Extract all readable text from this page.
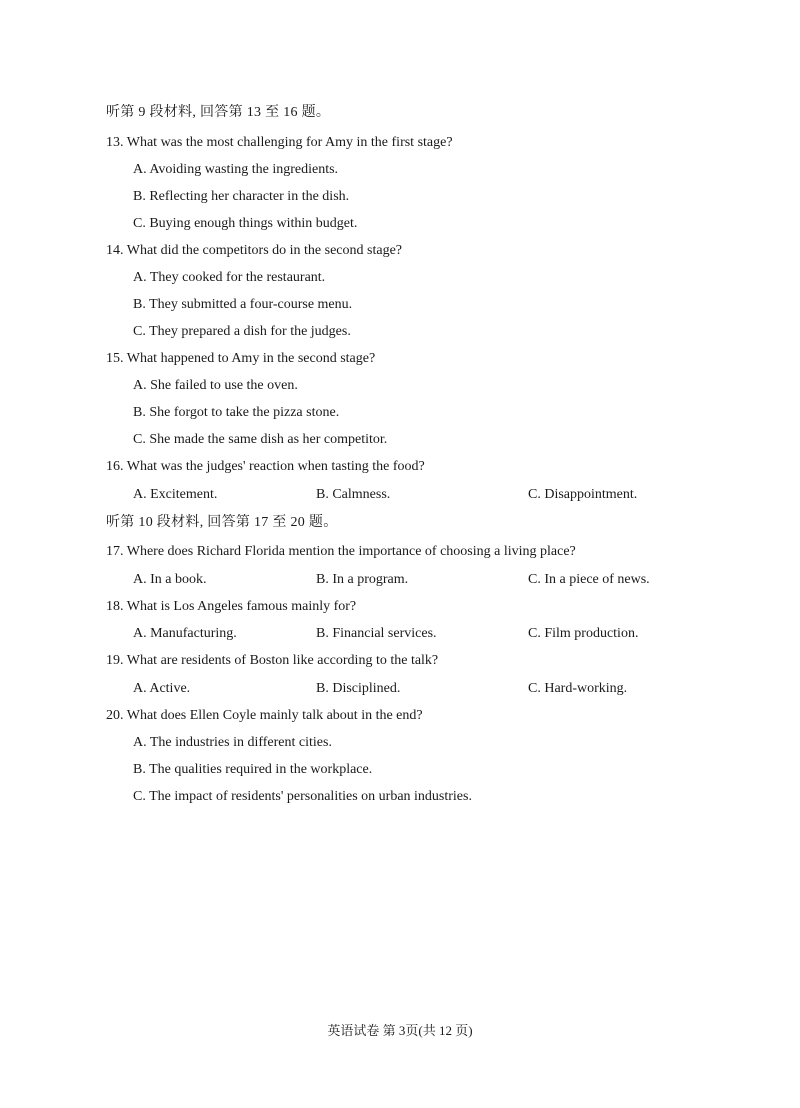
听第 9 段材料, 回答第 13 至 16 题。
13. What was the most challenging for Amy in the first stage?
A. Avoiding wasting the ingredients.
B. Reflecting her character in the dish.
C. Buying enough things within budget.
14. What did the competitors do in the second stage?
A. They cooked for the restaurant.
B. They submitted a four-course menu.
C. They prepared a dish for the judges.
15. What happened to Amy in the second stage?
A. She failed to use the oven.
B. She forgot to take the pizza stone.
C. She made the same dish as her competitor.
16. What was the judges' reaction when tasting the food?
A. Excitement.	B. Calmness.	C. Disappointment.
听第 10 段材料, 回答第 17 至 20 题。
17. Where does Richard Florida mention the importance of choosing a living place?
A. In a book.	B. In a program.	C. In a piece of news.
18. What is Los Angeles famous mainly for?
A. Manufacturing.	B. Financial services.	C. Film production.
19. What are residents of Boston like according to the talk?
A. Active.	B. Disciplined.	C. Hard-working.
20. What does Ellen Coyle mainly talk about in the end?
A. The industries in different cities.
B. The qualities required in the workplace.
C. The impact of residents' personalities on urban industries.
英语试卷 第 3页(共 12 页)
